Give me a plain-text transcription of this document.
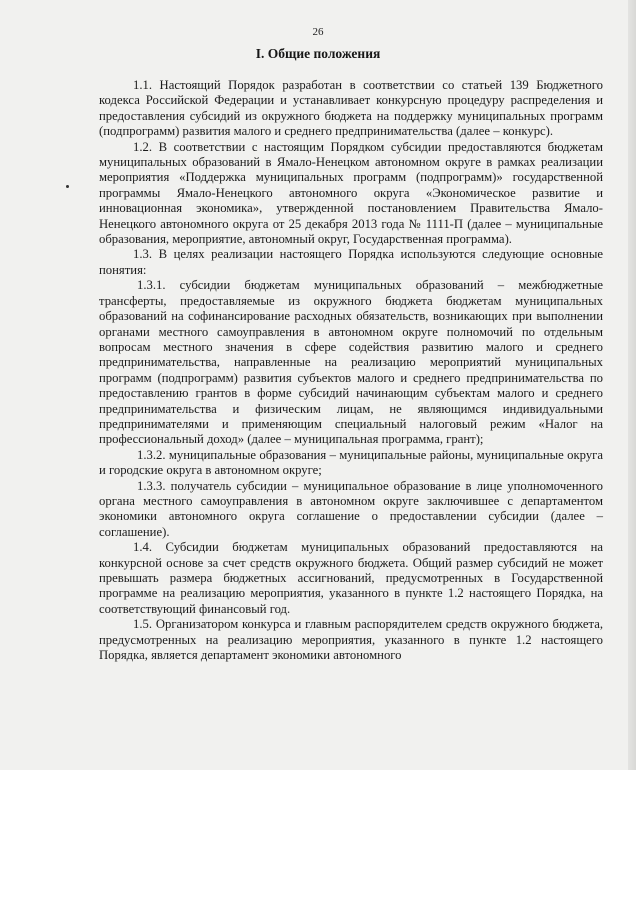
26
I. Общие положения

1.1. Настоящий Порядок разработан в соответствии со статьей 139 Бюджетного кодекса Российской Федерации и устанавливает конкурсную процедуру распределения и предоставления субсидий из окружного бюджета на поддержку муниципальных программ (подпрограмм) развития малого и среднего предпринимательства (далее – конкурс).

1.2. В соответствии с настоящим Порядком субсидии предоставляются бюджетам муниципальных образований в Ямало-Ненецком автономном округе в рамках реализации мероприятия «Поддержка муниципальных программ (подпрограмм)» государственной программы Ямало-Ненецкого автономного округа «Экономическое развитие и инновационная экономика», утвержденной постановлением Правительства Ямало-Ненецкого автономного округа от 25 декабря 2013 года № 1111-П (далее – муниципальные образования, мероприятие, автономный округ, Государственная программа).

1.3. В целях реализации настоящего Порядка используются следующие основные понятия:

1.3.1. субсидии бюджетам муниципальных образований – межбюджетные трансферты, предоставляемые из окружного бюджета бюджетам муниципальных образований на софинансирование расходных обязательств, возникающих при выполнении органами местного самоуправления в автономном округе полномочий по отдельным вопросам местного значения в сфере содействия развитию малого и среднего предпринимательства, направленные на реализацию мероприятий муниципальных программ (подпрограмм) развития субъектов малого и среднего предпринимательства по предоставлению грантов в форме субсидий начинающим субъектам малого и среднего предпринимательства и физическим лицам, не являющимся индивидуальными предпринимателями и применяющим специальный налоговый режим «Налог на профессиональный доход» (далее – муниципальная программа, грант);

1.3.2. муниципальные образования – муниципальные районы, муниципальные округа и городские округа в автономном округе;

1.3.3. получатель субсидии – муниципальное образование в лице уполномоченного органа местного самоуправления в автономном округе заключившее с департаментом экономики автономного округа соглашение о предоставлении субсидии (далее – соглашение).

1.4. Субсидии бюджетам муниципальных образований предоставляются на конкурсной основе за счет средств окружного бюджета. Общий размер субсидий не может превышать размера бюджетных ассигнований, предусмотренных в Государственной программе на реализацию мероприятия, указанного в пункте 1.2 настоящего Порядка, на соответствующий финансовый год.

1.5. Организатором конкурса и главным распорядителем средств окружного бюджета, предусмотренных на реализацию мероприятия, указанного в пункте 1.2 настоящего Порядка, является департамент экономики автономного
